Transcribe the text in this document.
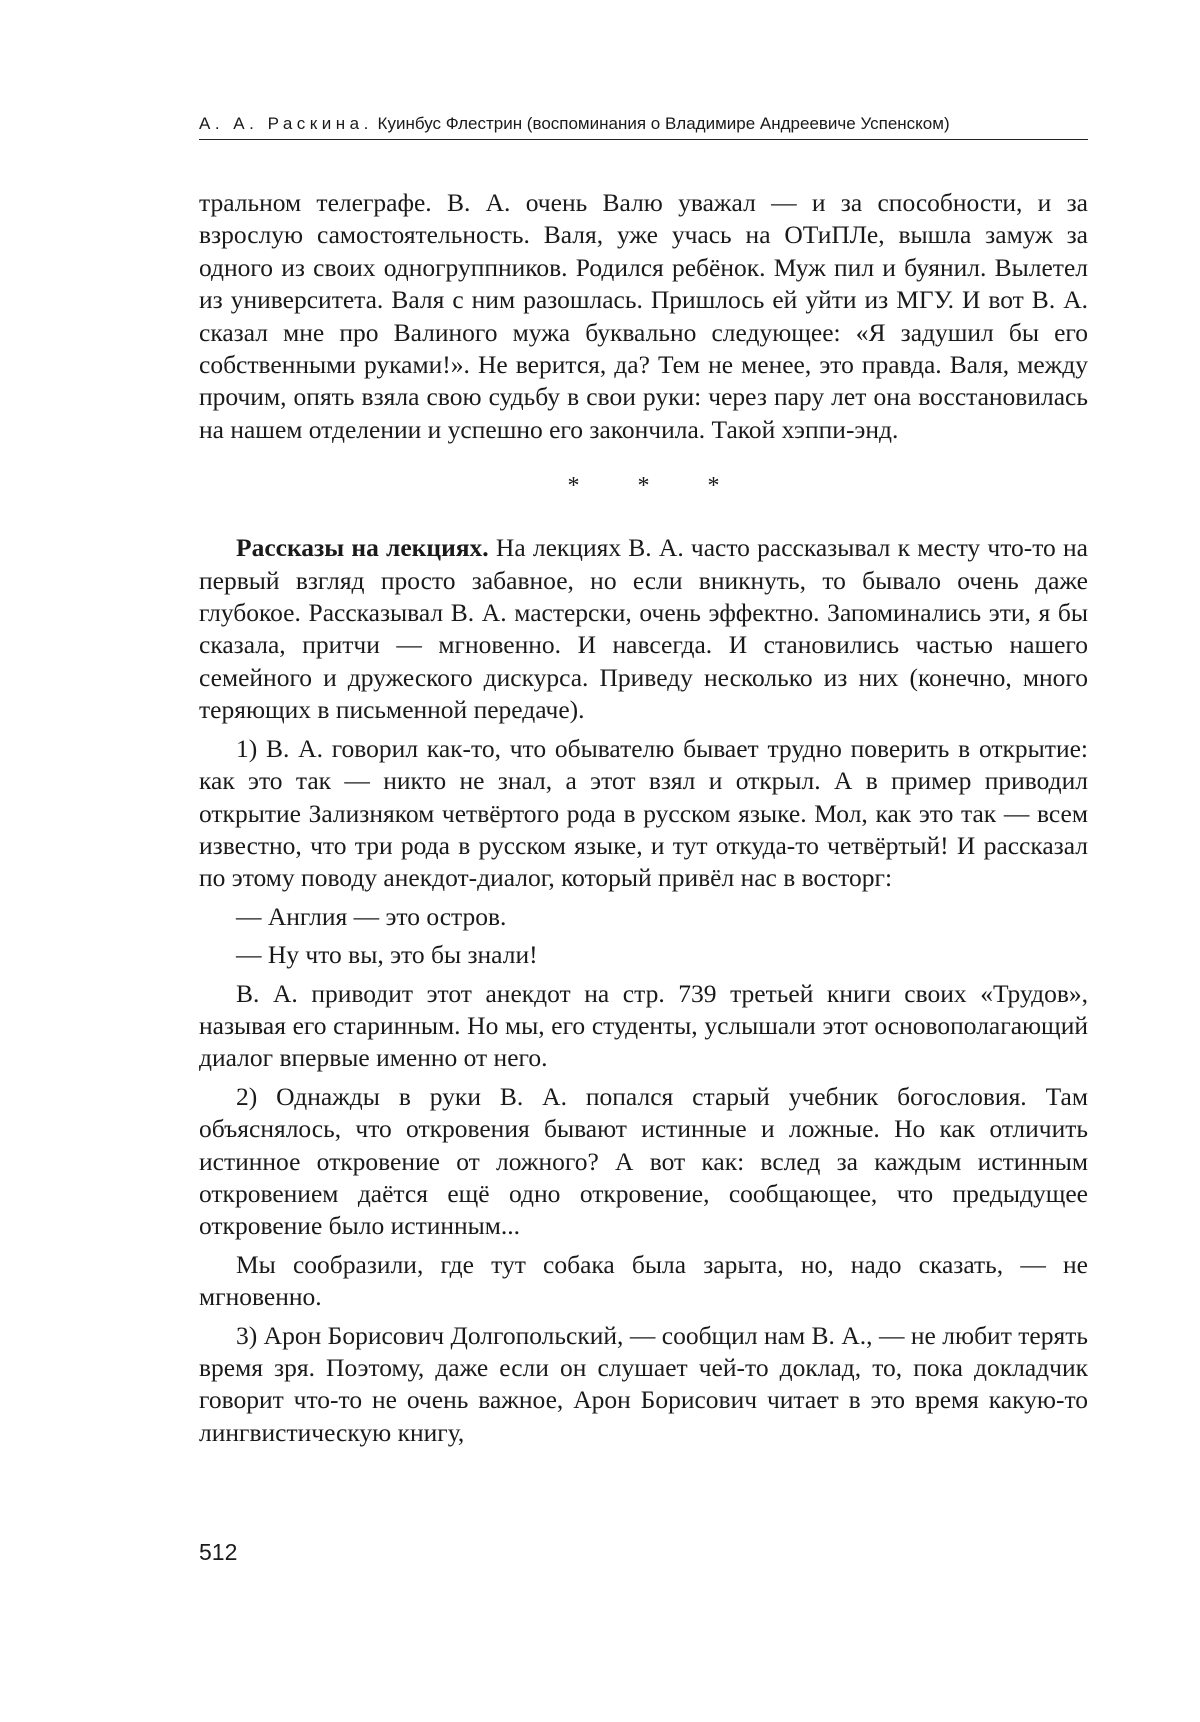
А. А. Раскина. Куинбус Флестрин (воспоминания о Владимире Андреевиче Успенском)

тральном телеграфе. В. А. очень Валю уважал — и за способности, и за взрослую самостоятельность. Валя, уже учась на ОТиПЛе, вышла замуж за одного из своих одногруппников. Родился ребёнок. Муж пил и буянил. Вылетел из университета. Валя с ним разошлась. Пришлось ей уйти из МГУ. И вот В. А. сказал мне про Валиного мужа буквально следующее: «Я задушил бы его собственными руками!». Не верится, да? Тем не менее, это правда. Валя, между прочим, опять взяла свою судьбу в свои руки: через пару лет она восстановилась на нашем отделении и успешно его закончила. Такой хэппи-энд.

* * *

Рассказы на лекциях. На лекциях В. А. часто рассказывал к месту что-то на первый взгляд просто забавное, но если вникнуть, то бывало очень даже глубокое. Рассказывал В. А. мастерски, очень эффектно. Запоминались эти, я бы сказала, притчи — мгновенно. И навсегда. И становились частью нашего семейного и дружеского дискурса. Приведу несколько из них (конечно, много теряющих в письменной передаче).

1) В. А. говорил как-то, что обывателю бывает трудно поверить в открытие: как это так — никто не знал, а этот взял и открыл. А в пример приводил открытие Зализняком четвёртого рода в русском языке. Мол, как это так — всем известно, что три рода в русском языке, и тут откуда-то четвёртый! И рассказал по этому поводу анекдот-диалог, который привёл нас в восторг:

— Англия — это остров.

— Ну что вы, это бы знали!

В. А. приводит этот анекдот на стр. 739 третьей книги своих «Трудов», называя его старинным. Но мы, его студенты, услышали этот основополагающий диалог впервые именно от него.

2) Однажды в руки В. А. попался старый учебник богословия. Там объяснялось, что откровения бывают истинные и ложные. Но как отличить истинное откровение от ложного? А вот как: вслед за каждым истинным откровением даётся ещё одно откровение, сообщающее, что предыдущее откровение было истинным...

Мы сообразили, где тут собака была зарыта, но, надо сказать, — не мгновенно.

3) Арон Борисович Долгопольский, — сообщил нам В. А., — не любит терять время зря. Поэтому, даже если он слушает чей-то доклад, то, пока докладчик говорит что-то не очень важное, Арон Борисович читает в это время какую-то лингвистическую книгу,

512
